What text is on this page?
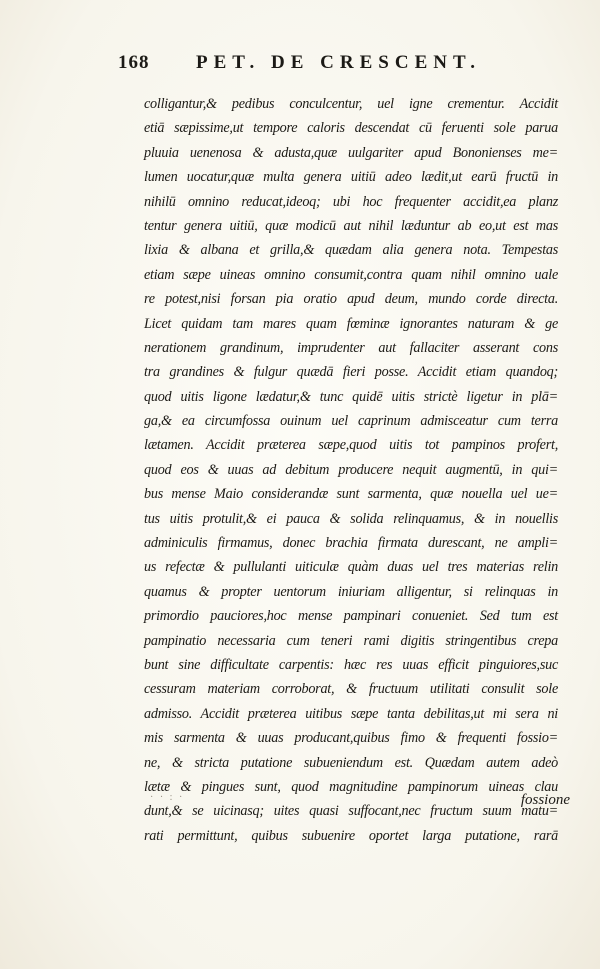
168 PET. DE CRESCENT.
colligantur,& pedibus conculcentur, uel igne crementur. Accidit
etiā sæpissime,ut tempore caloris descendat cū feruenti sole parua
pluuia uenenosa & adusta,quæ uulgariter apud Bononienses me=
lumen uocatur,quæ multa genera uitiū adeo lædit,ut earū fructū in
nihilū omnino reducat,ideoq; ubi hoc frequenter accidit,ea planz
tentur genera uitiū, quæ modicū aut nihil læduntur ab eo,ut est mas
lixia & albana et grilla,& quædam alia genera nota. Tempestas
etiam sæpe uineas omnino consumit,contra quam nihil omnino uale
re potest,nisi forsan pia oratio apud deum, mundo corde directa.
Licet quidam tam mares quam fœminæ ignorantes naturam & ge
nerationem grandinum, imprudenter aut fallaciter asserant cons
tra grandines & fulgur quædā fieri posse. Accidit etiam quandoq;
quod uitis ligone lædatur,& tunc quidē uitis strictè ligetur in plā=
ga,& ea circumfossa ouinum uel caprinum admisceatur cum terra
lætamen. Accidit præterea sæpe,quod uitis tot pampinos profert,
quod eos & uuas ad debitum producere nequit augmentū, in qui=
bus mense Maio considerandæ sunt sarmenta, quæ nouella uel ue=
tus uitis protulit,& ei pauca & solida relinquamus, & in nouellis
adminiculis firmamus, donec brachia firmata durescant, ne ampli=
us refectæ & pullulanti uiticulæ quàm duas uel tres materias relin
quamus & propter uentorum iniuriam alligentur, si relinquas in
primordio pauciores,hoc mense pampinari conueniet. Sed tum est
pampinatio necessaria cum teneri rami digitis stringentibus crepa
bunt sine difficultate carpentis: hæc res uuas efficit pinguiores,suc
cessuram materiam corroborat, & fructuum utilitati consulit sole
admisso. Accidit præterea uitibus sæpe tanta debilitas,ut mi sera ni
mis sarmenta & uuas producant,quibus fimo & frequenti fossio=
ne, & stricta putatione subueniendum est. Quædam autem adeò
lætæ & pingues sunt, quod magnitudine pampinorum uineas clau
dunt,& se uicinasq; uites quasi suffocant,nec fructum suum matu=
rati permittunt, quibus subuenire oportet larga putatione, rarā
· · : ·	fossione
